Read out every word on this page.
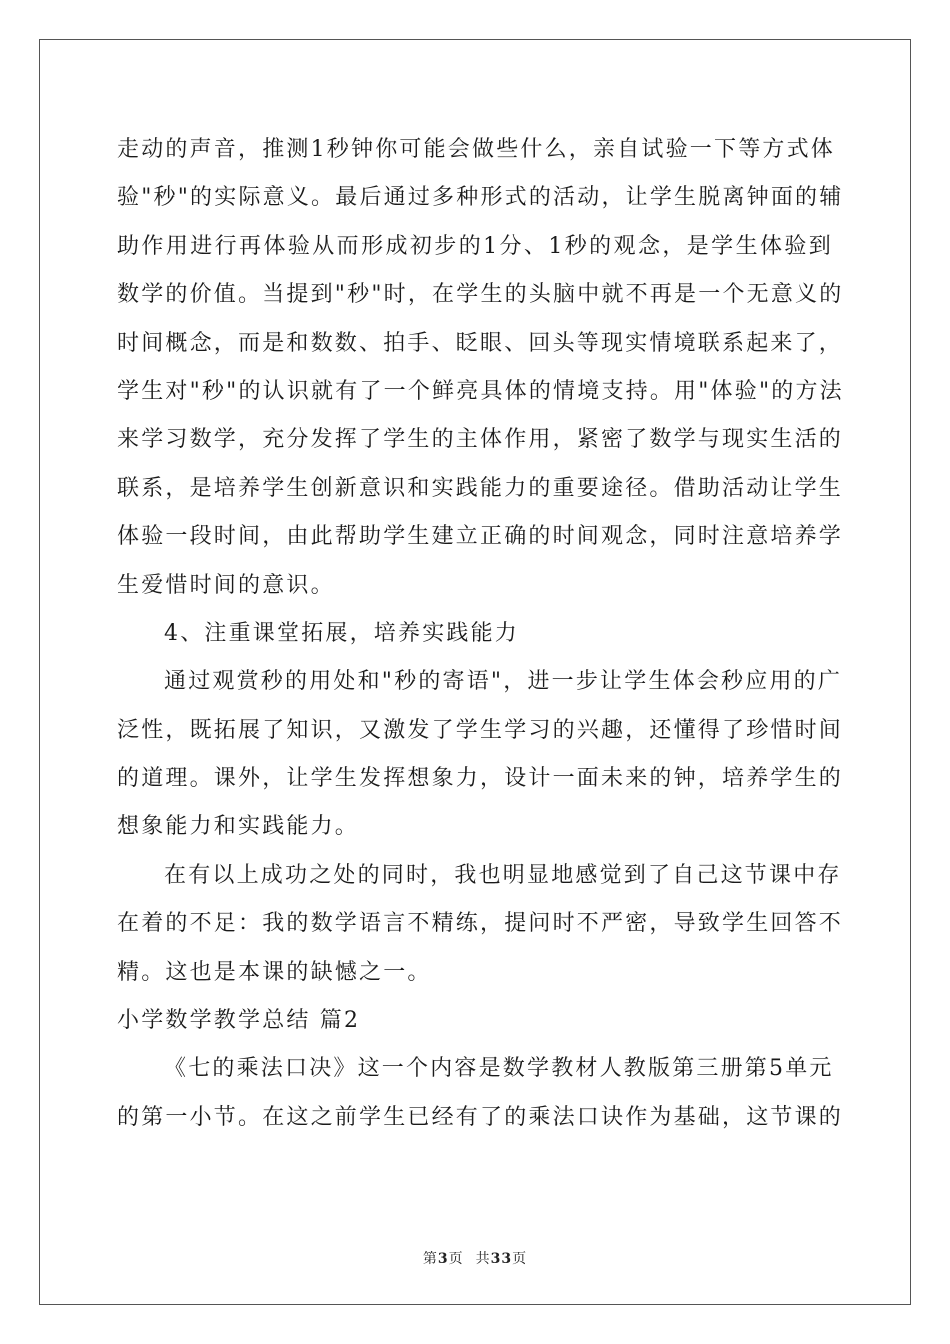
走动的声音，推测1秒钟你可能会做些什么，亲自试验一下等方式体
验"秒"的实际意义。最后通过多种形式的活动，让学生脱离钟面的辅
助作用进行再体验从而形成初步的1分、1秒的观念，是学生体验到
数学的价值。当提到"秒"时，在学生的头脑中就不再是一个无意义的
时间概念，而是和数数、拍手、眨眼、回头等现实情境联系起来了，
学生对"秒"的认识就有了一个鲜亮具体的情境支持。用"体验"的方法
来学习数学，充分发挥了学生的主体作用，紧密了数学与现实生活的
联系，是培养学生创新意识和实践能力的重要途径。借助活动让学生
体验一段时间，由此帮助学生建立正确的时间观念，同时注意培养学
生爱惜时间的意识。
4、注重课堂拓展，培养实践能力
通过观赏秒的用处和"秒的寄语"，进一步让学生体会秒应用的广
泛性，既拓展了知识，又激发了学生学习的兴趣，还懂得了珍惜时间
的道理。课外，让学生发挥想象力，设计一面未来的钟，培养学生的
想象能力和实践能力。
在有以上成功之处的同时，我也明显地感觉到了自己这节课中存
在着的不足：我的数学语言不精练，提问时不严密，导致学生回答不
精。这也是本课的缺憾之一。
小学数学教学总结 篇2
《七的乘法口决》这一个内容是数学教材人教版第三册第5单元
的第一小节。在这之前学生已经有了的乘法口诀作为基础，这节课的
第3页 共33页
